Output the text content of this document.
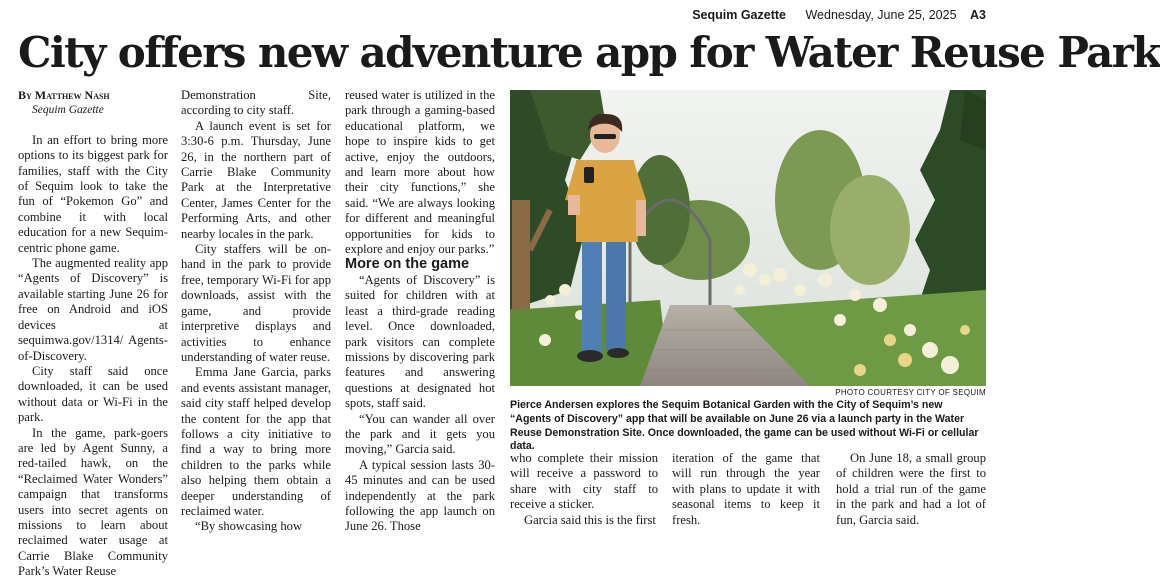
Sequim Gazette Wednesday, June 25, 2025 A3
City offers new adventure app for Water Reuse Park
By Matthew Nash
Sequim Gazette

In an effort to bring more options to its biggest park for families, staff with the City of Sequim look to take the fun of “Pokemon Go” and combine it with local education for a new Sequim-centric phone game.

The augmented reality app “Agents of Discovery” is available starting June 26 for free on Android and iOS devices at sequimwa.gov/1314/ Agents-of-Discovery.

City staff said once downloaded, it can be used without data or Wi-Fi in the park.

In the game, park-goers are led by Agent Sunny, a red-tailed hawk, on the “Reclaimed Water Wonders” campaign that transforms users into secret agents on missions to learn about reclaimed water usage at Carrie Blake Community Park’s Water Reuse

Demonstration Site, according to city staff.

A launch event is set for 3:30-6 p.m. Thursday, June 26, in the northern part of Carrie Blake Community Park at the Interpretative Center, James Center for the Performing Arts, and other nearby locales in the park.

City staffers will be on-hand in the park to provide free, temporary Wi-Fi for app downloads, assist with the game, and provide interpretive displays and activities to enhance understanding of water reuse.

Emma Jane Garcia, parks and events assistant manager, said city staff helped develop the content for the app that follows a city initiative to find a way to bring more children to the parks while also helping them obtain a deeper understanding of reclaimed water.

“By showcasing how

reused water is utilized in the park through a gaming-based educational platform, we hope to inspire kids to get active, enjoy the outdoors, and learn more about how their city functions,” she said. “We are always looking for different and meaningful opportunities for kids to explore and enjoy our parks.”

More on the game

“Agents of Discovery” is suited for children with at least a third-grade reading level. Once downloaded, park visitors can complete missions by discovering park features and answering questions at designated hot spots, staff said.

“You can wander all over the park and it gets you moving,” Garcia said.

A typical session lasts 30-45 minutes and can be used independently at the park following the app launch on June 26. Those

PHOTO COURTESY CITY OF SEQUIM
Pierce Andersen explores the Sequim Botanical Garden with the City of Sequim’s new “Agents of Discovery” app that will be available on June 26 via a launch party in the Water Reuse Demonstration Site. Once downloaded, the game can be used without Wi-Fi or cellular data.

who complete their mission will receive a password to share with city staff to receive a sticker.

Garcia said this is the first

iteration of the game that will run through the year with plans to update it with seasonal items to keep it fresh.

On June 18, a small group of children were the first to hold a trial run of the game in the park and had a lot of fun, Garcia said.
